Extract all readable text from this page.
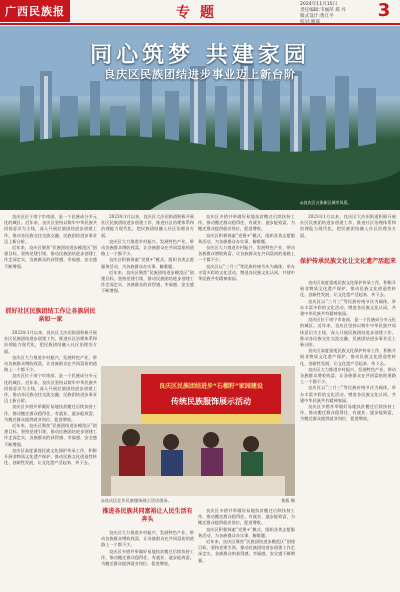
广西民族报	专题
2024年11月15日
责任编辑:韦丽萍 郑 丹
版式设计:黄江平	3
同心筑梦 共建家园
良庆区民族团结进步事业迈上新台阶
◎良庆区五象新区城市风景。

良庆区位于南宁市南部，是一个民族成分多元化的城区。近年来，良庆区坚持以铸牢中华民族共同体意识为主线，深入开展民族团结进步创建工作，推动各民族交往交流交融，民族团结进步事业迈上新台阶。

近年来，良庆区聚焦“民族团结进步模范区”创建目标，坚持党建引领，推动民族团结进步创建工作走深走实，各族群众的获得感、幸福感、安全感不断增强。

抓好社区民族团结工作让各族居民亲如一家

2023年1月以来，良庆区大沙田街道积极开展社区民族团结进步创建工作，推进社区治理体系和治理能力现代化，把民族团结融入社区治理各方面。

良庆区大力推进乡村振兴，发展特色产业，带动各族群众增收致富，让各族群众在共同富裕的道路上一个都不少。

良庆区位于南宁市南部，是一个民族成分多元化的城区。近年来，良庆区坚持以铸牢中华民族共同体意识为主线，深入开展民族团结进步创建工作，推动各民族交往交流交融，民族团结进步事业迈上新台阶。

良庆区多措并举做好易地扶贫搬迁后续扶持工作，推动搬迁群众稳得住、有就业、逐步能致富，为搬迁群众提供就业岗位，促进增收。

近年来，良庆区聚焦“民族团结进步模范区”创建目标，坚持党建引领，推动民族团结进步创建工作走深走实，各族群众的获得感、幸福感、安全感不断增强。

良庆区高度重视民族文化保护传承工作，积极开展非物质文化遗产保护，推动民族文化创造性转化、创新性发展，让文化遗产活起来、传下去。

2023年1月以来，良庆区大沙田街道积极开展社区民族团结进步创建工作，推进社区治理体系和治理能力现代化，把民族团结融入社区治理各方面。

良庆区大力推进乡村振兴，发展特色产业，带动各族群众增收致富，让各族群众在共同富裕的道路上一个都不少。

良庆区积极探索“党建+”模式，组织各类志愿服务活动，为各族群众办实事、解难题。

近年来，良庆区聚焦“民族团结进步模范区”创建目标，坚持党建引领，推动民族团结进步创建工作走深走实，各族群众的获得感、幸福感、安全感不断增强。

良庆区多措并举做好易地扶贫搬迁后续扶持工作，推动搬迁群众稳得住、有就业、逐步能致富，为搬迁群众提供就业岗位，促进增收。

良庆区积极探索“党建+”模式，组织各类志愿服务活动，为各族群众办实事、解难题。

良庆区大力推进乡村振兴，发展特色产业，带动各族群众增收致富，让各族群众在共同富裕的道路上一个都不少。

良庆区以“三月三”等民族传统节庆为载体，举办丰富多彩的文化活动，增进各民族文化认同，共建中华民族共有精神家园。

2023年1月以来，良庆区大沙田街道积极开展社区民族团结进步创建工作，推进社区治理体系和治理能力现代化，把民族团结融入社区治理各方面。

保护传承民族文化让文化遗产活起来

良庆区高度重视民族文化保护传承工作，积极开展非物质文化遗产保护，推动民族文化创造性转化、创新性发展，让文化遗产活起来、传下去。

良庆区以“三月三”等民族传统节庆为载体，举办丰富多彩的文化活动，增进各民族文化认同，共建中华民族共有精神家园。

良庆区位于南宁市南部，是一个民族成分多元化的城区。近年来，良庆区坚持以铸牢中华民族共同体意识为主线，深入开展民族团结进步创建工作，推动各民族交往交流交融，民族团结进步事业迈上新台阶。

良庆区高度重视民族文化保护传承工作，积极开展非物质文化遗产保护，推动民族文化创造性转化、创新性发展，让文化遗产活起来、传下去。

良庆区大力推进乡村振兴，发展特色产业，带动各族群众增收致富，让各族群众在共同富裕的道路上一个都不少。

良庆区以“三月三”等民族传统节庆为载体，举办丰富多彩的文化活动，增进各民族文化认同，共建中华民族共有精神家园。

良庆区多措并举做好易地扶贫搬迁后续扶持工作，推动搬迁群众稳得住、有就业、逐步能致富，为搬迁群众提供就业岗位，促进增收。

良庆区民族团结进步“石榴籽”家园建设
传统民族服饰展示活动
◎良庆区壮乡民族服饰展示活动现场。	黄燕 摄
推进各民族共同富裕让人民生活有奔头

良庆区大力推进乡村振兴，发展特色产业，带动各族群众增收致富，让各族群众在共同富裕的道路上一个都不少。

良庆区多措并举做好易地扶贫搬迁后续扶持工作，推动搬迁群众稳得住、有就业、逐步能致富，为搬迁群众提供就业岗位，促进增收。

良庆区多措并举做好易地扶贫搬迁后续扶持工作，推动搬迁群众稳得住、有就业、逐步能致富，为搬迁群众提供就业岗位，促进增收。

良庆区积极探索“党建+”模式，组织各类志愿服务活动，为各族群众办实事、解难题。

近年来，良庆区聚焦“民族团结进步模范区”创建目标，坚持党建引领，推动民族团结进步创建工作走深走实，各族群众的获得感、幸福感、安全感不断增强。
